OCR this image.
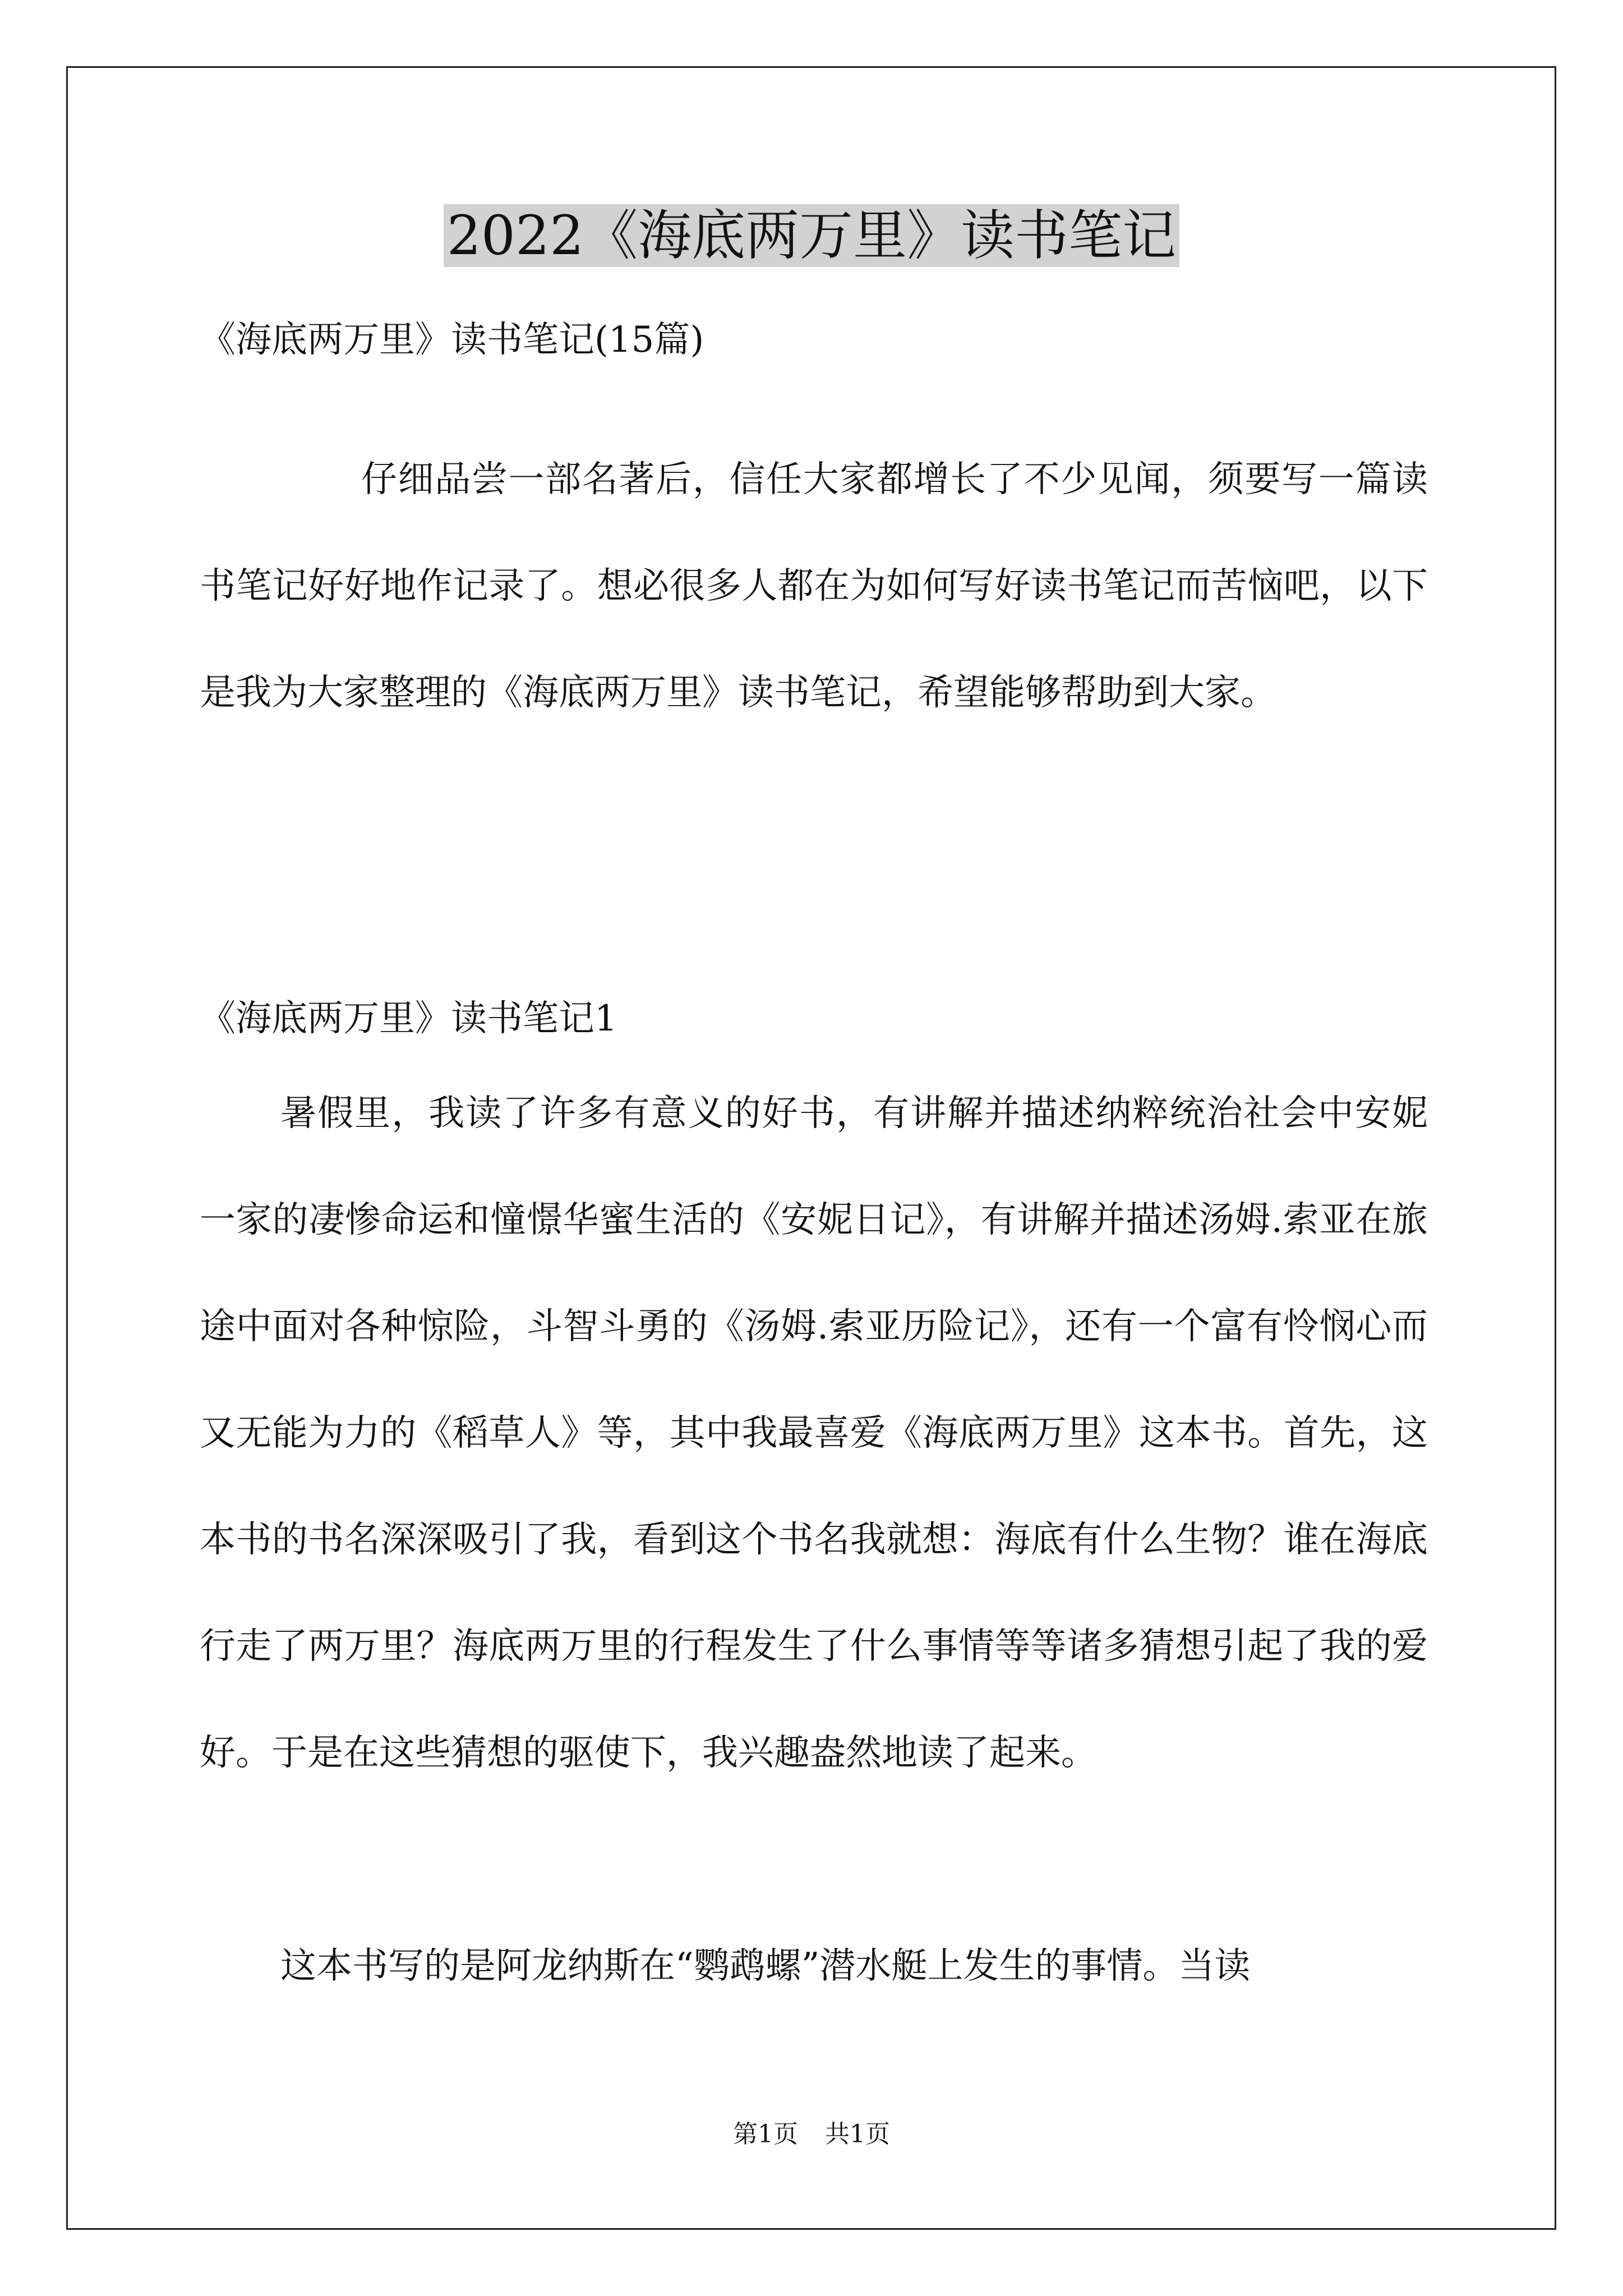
2022《海底两万里》读书笔记
《海底两万里》读书笔记(15篇)

仔细品尝一部名著后，信任大家都增长了不少见闻，须要写一篇读书笔记好好地作记录了。想必很多人都在为如何写好读书笔记而苦恼吧，以下是我为大家整理的《海底两万里》读书笔记，希望能够帮助到大家。

《海底两万里》读书笔记1

暑假里，我读了许多有意义的好书，有讲解并描述纳粹统治社会中安妮一家的凄惨命运和憧憬华蜜生活的《安妮日记》，有讲解并描述汤姆.索亚在旅途中面对各种惊险，斗智斗勇的《汤姆.索亚历险记》，还有一个富有怜悯心而又无能为力的《稻草人》等，其中我最喜爱《海底两万里》这本书。首先，这本书的书名深深吸引了我，看到这个书名我就想：海底有什么生物？谁在海底行走了两万里？海底两万里的行程发生了什么事情等等诸多猜想引起了我的爱好。于是在这些猜想的驱使下，我兴趣盎然地读了起来。

这本书写的是阿龙纳斯在“鹦鹉螺”潜水艇上发生的事情。当读

第1页 共1页
